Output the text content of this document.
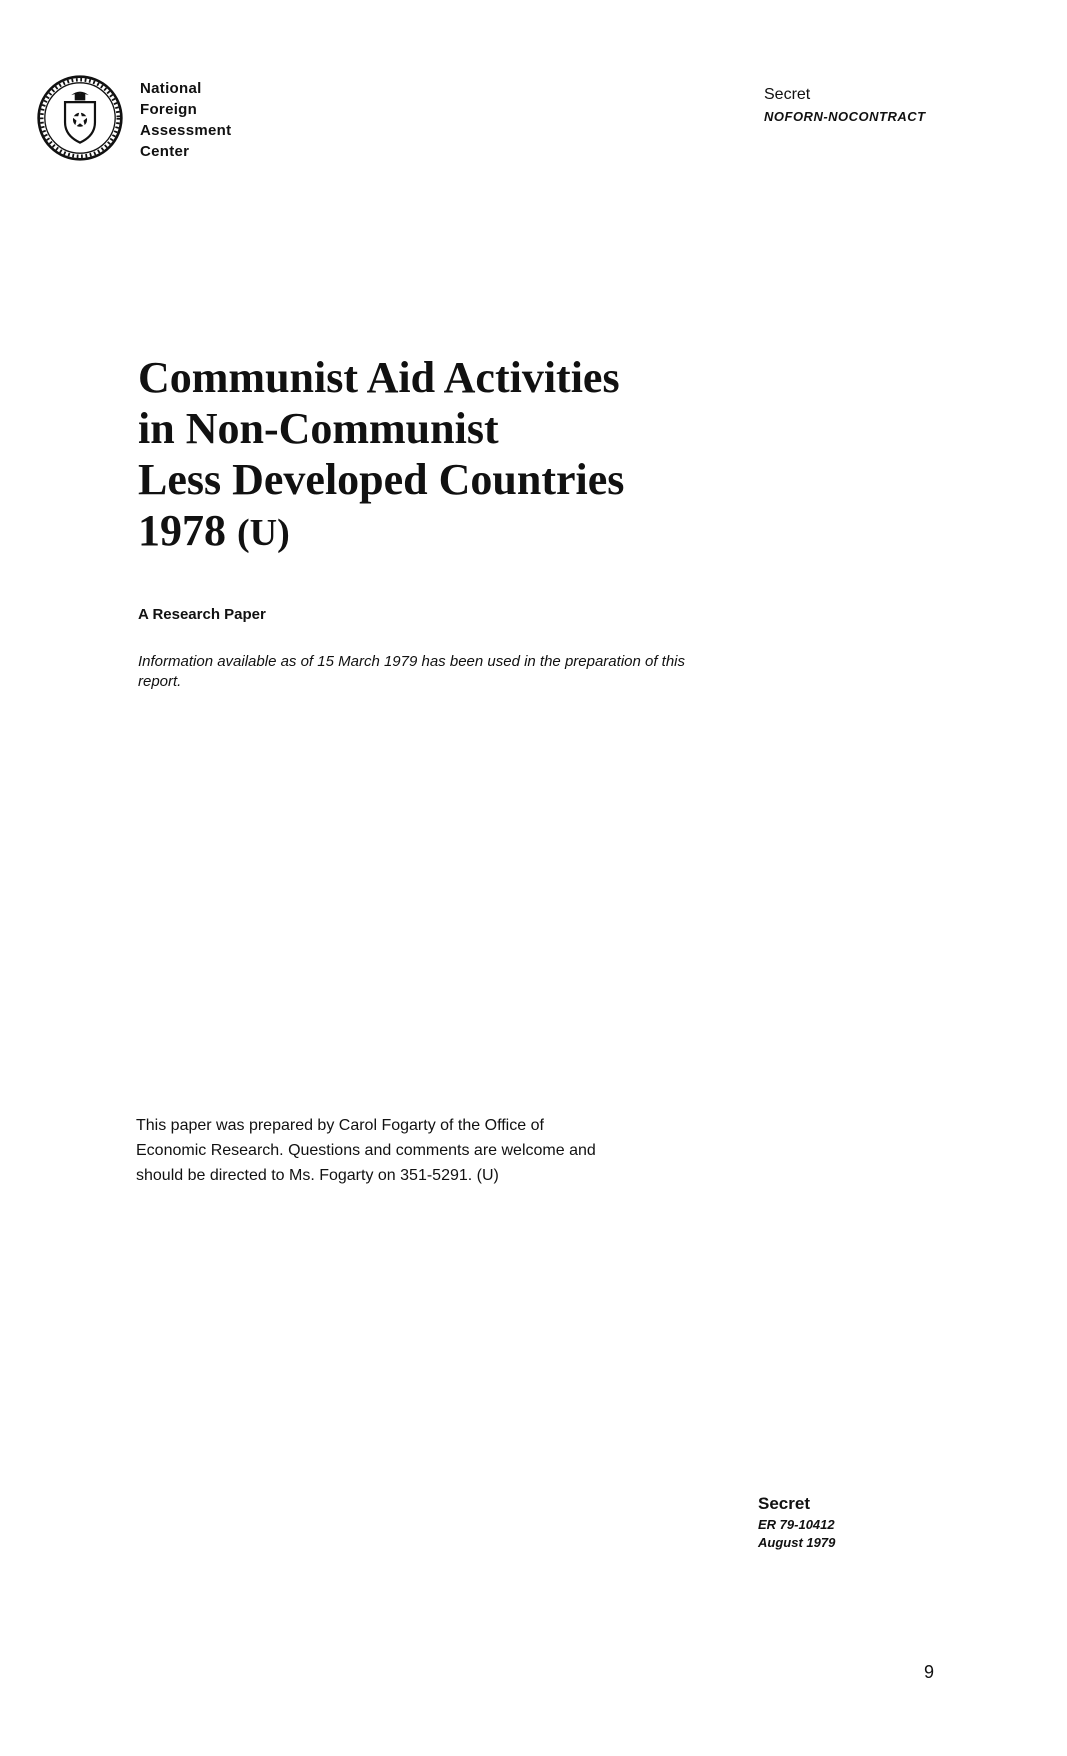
National
Foreign
Assessment
Center
Secret
NOFORN-NOCONTRACT
Communist Aid Activities
in Non-Communist
Less Developed Countries
1978 (U)
A Research Paper
Information available as of 15 March 1979 has been used in the preparation of this report.
This paper was prepared by Carol Fogarty of the Office of Economic Research. Questions and comments are welcome and should be directed to Ms. Fogarty on 351-5291. (U)
Secret
ER 79-10412
August 1979
9
